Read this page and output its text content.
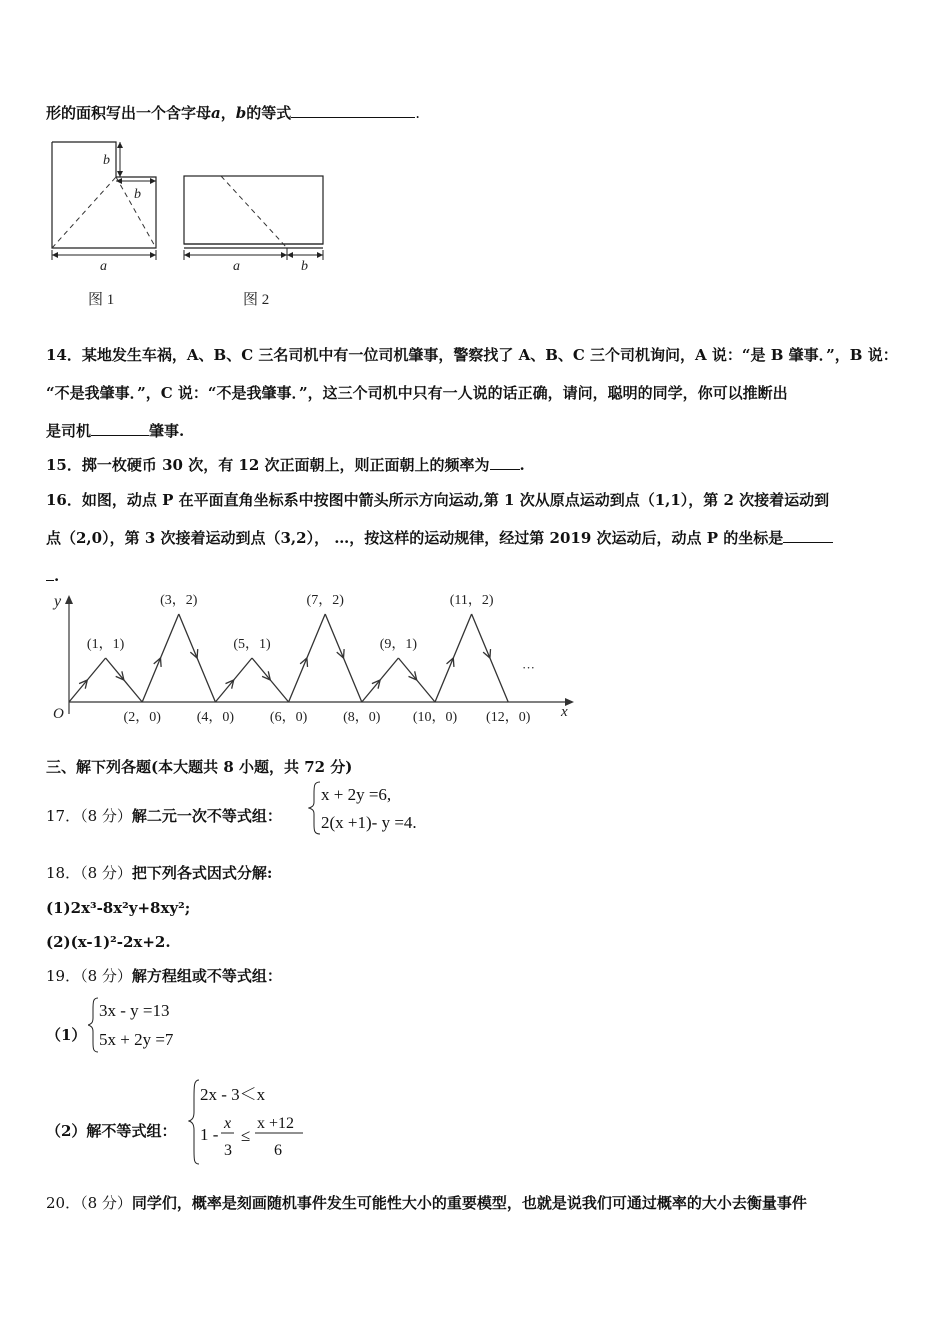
形的面积写出一个含字母a，b的等式	.
b
b
a
图 1
a	b
图 2
14．某地发生车祸，A、B、C 三名司机中有一位司机肇事，警察找了 A、B、C 三个司机询问，A 说：“是 B 肇事．”，B 说：
“不是我肇事．”，C 说：“不是我肇事．”，这三个司机中只有一人说的话正确，请问，聪明的同学，你可以推断出
是司机	肇事.
15．掷一枚硬币 30 次，有 12 次正面朝上，则正面朝上的频率为 .
16．如图，动点 P 在平面直角坐标系中按图中箭头所示方向运动,第 1 次从原点运动到点（1,1），第 2 次接着运动到
点（2,0），第 3 次接着运动到点（3,2）， …，按这样的运动规律，经过第 2019 次运动后，动点 P 的坐标是
.
y
x
O
···
(1，1)
(2，0)
(3，2)
(4，0)
(5，1)
(6，0)
(7，2)
(8，0)
(9，1)
(10，0)
(11，2)
(12，0)
三、解下列各题(本大题共 8 小题，共 72 分)
17．（8 分）解二元一次不等式组：
x + 2y =6,
2(x +1)- y =4.
18．（8 分）把下列各式因式分解:
(1)2x³-8x²y+8xy²;
(2)(x-1)²-2x+2.
19．（8 分）解方程组或不等式组：
（1）
3x - y =13
5x + 2y =7
（2）解不等式组：
2x - 3＜x
1 -
x
3
≤
x +12
6
20．（8 分）同学们，概率是刻画随机事件发生可能性大小的重要模型，也就是说我们可通过概率的大小去衡量事件
